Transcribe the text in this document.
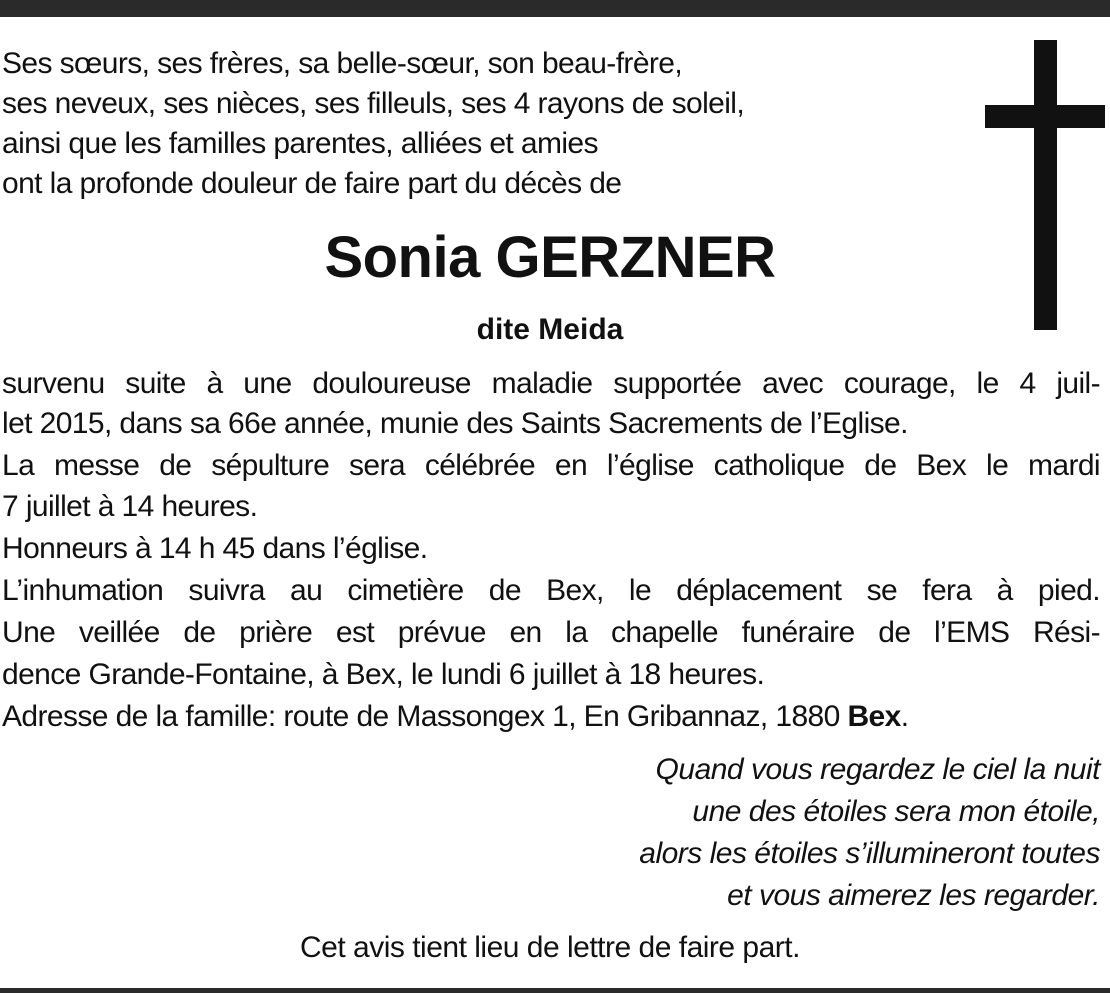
Ses sœurs, ses frères, sa belle-sœur, son beau-frère,

ses neveux, ses nièces, ses filleuls, ses 4 rayons de soleil,

ainsi que les familles parentes, alliées et amies

ont la profonde douleur de faire part du décès de

Sonia GERZNER
dite Meida

survenu suite à une douloureuse maladie supportée avec courage, le 4 juil-

let 2015, dans sa 66e année, munie des Saints Sacrements de l’Eglise.

La messe de sépulture sera célébrée en l’église catholique de Bex le mardi

7 juillet à 14 heures.

Honneurs à 14 h 45 dans l’église.

L’inhumation suivra au cimetière de Bex, le déplacement se fera à pied.

Une veillée de prière est prévue en la chapelle funéraire de l’EMS Rési-

dence Grande-Fontaine, à Bex, le lundi 6 juillet à 18 heures.

Adresse de la famille: route de Massongex 1, En Gribannaz, 1880 Bex.

Quand vous regardez le ciel la nuit

une des étoiles sera mon étoile,

alors les étoiles s’illumineront toutes

et vous aimerez les regarder.

Cet avis tient lieu de lettre de faire part.
